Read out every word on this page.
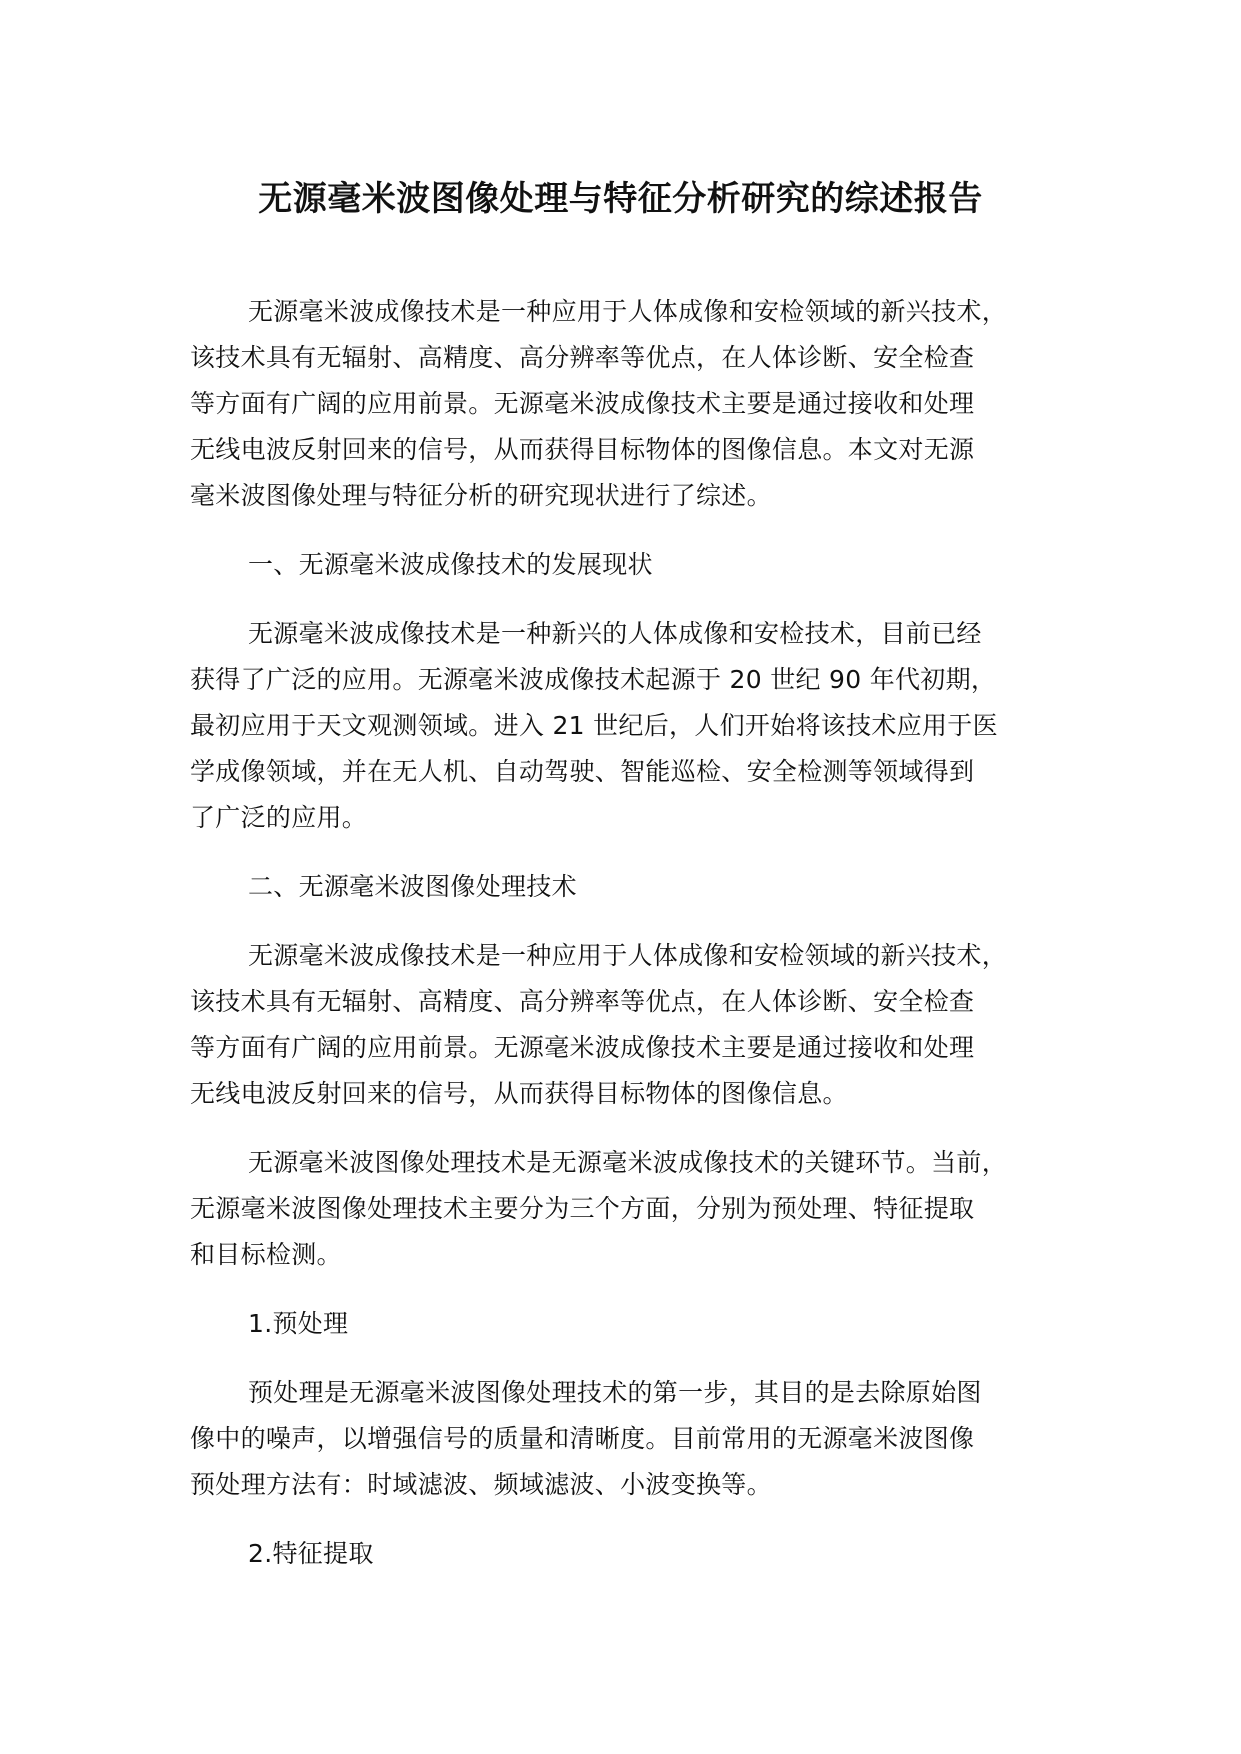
无源毫米波图像处理与特征分析研究的综述报告
无源毫米波成像技术是一种应用于人体成像和安检领域的新兴技术，
该技术具有无辐射、高精度、高分辨率等优点，在人体诊断、安全检查
等方面有广阔的应用前景。无源毫米波成像技术主要是通过接收和处理
无线电波反射回来的信号，从而获得目标物体的图像信息。本文对无源
毫米波图像处理与特征分析的研究现状进行了综述。
一、无源毫米波成像技术的发展现状
无源毫米波成像技术是一种新兴的人体成像和安检技术，目前已经
获得了广泛的应用。无源毫米波成像技术起源于 20 世纪 90 年代初期，
最初应用于天文观测领域。进入 21 世纪后，人们开始将该技术应用于医
学成像领域，并在无人机、自动驾驶、智能巡检、安全检测等领域得到
了广泛的应用。
二、无源毫米波图像处理技术
无源毫米波成像技术是一种应用于人体成像和安检领域的新兴技术，
该技术具有无辐射、高精度、高分辨率等优点，在人体诊断、安全检查
等方面有广阔的应用前景。无源毫米波成像技术主要是通过接收和处理
无线电波反射回来的信号，从而获得目标物体的图像信息。
无源毫米波图像处理技术是无源毫米波成像技术的关键环节。当前，
无源毫米波图像处理技术主要分为三个方面，分别为预处理、特征提取
和目标检测。
1.预处理
预处理是无源毫米波图像处理技术的第一步，其目的是去除原始图
像中的噪声，以增强信号的质量和清晰度。目前常用的无源毫米波图像
预处理方法有：时域滤波、频域滤波、小波变换等。
2.特征提取
